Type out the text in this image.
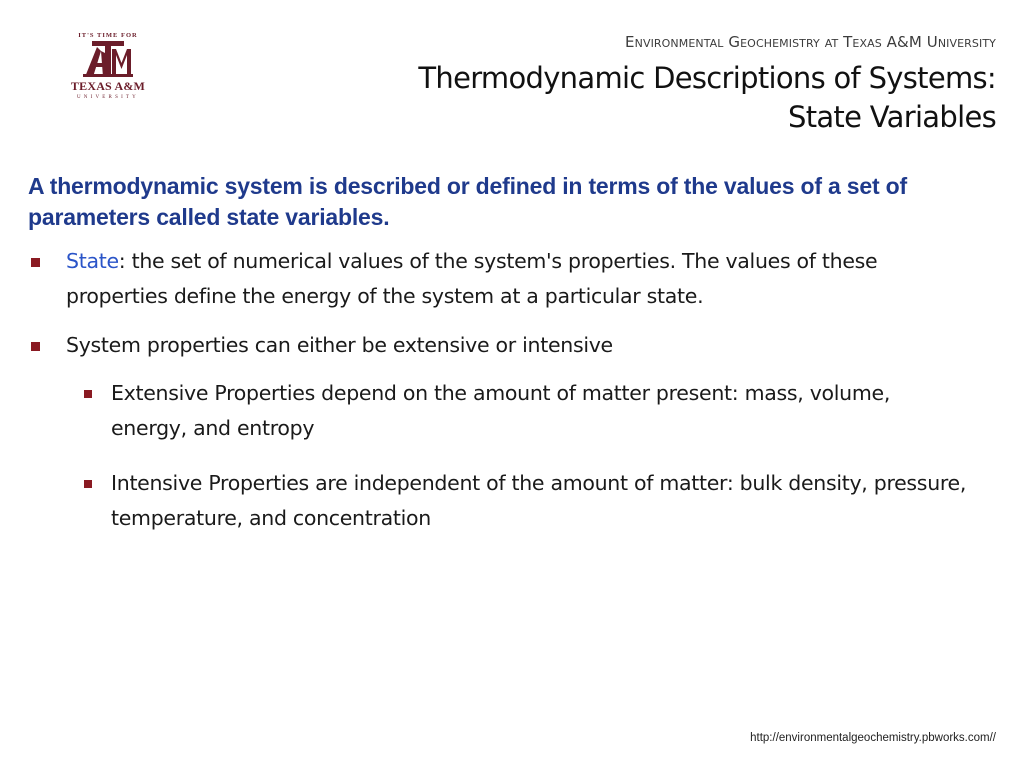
IT'S TIME FOR
TEXAS A&M
UNIVERSITY
Environmental Geochemistry at Texas A&M University
Thermodynamic Descriptions of Systems:
State Variables
A thermodynamic system is described or defined in terms of the values of a set of parameters called state variables.
State: the set of numerical values of the system's properties. The values of these properties define the energy of the system at a particular state.
System properties can either be extensive or intensive
Extensive Properties depend on the amount of matter present: mass, volume, energy, and entropy
Intensive Properties are independent of the amount of matter: bulk density, pressure, temperature, and concentration
http://environmentalgeochemistry.pbworks.com//
